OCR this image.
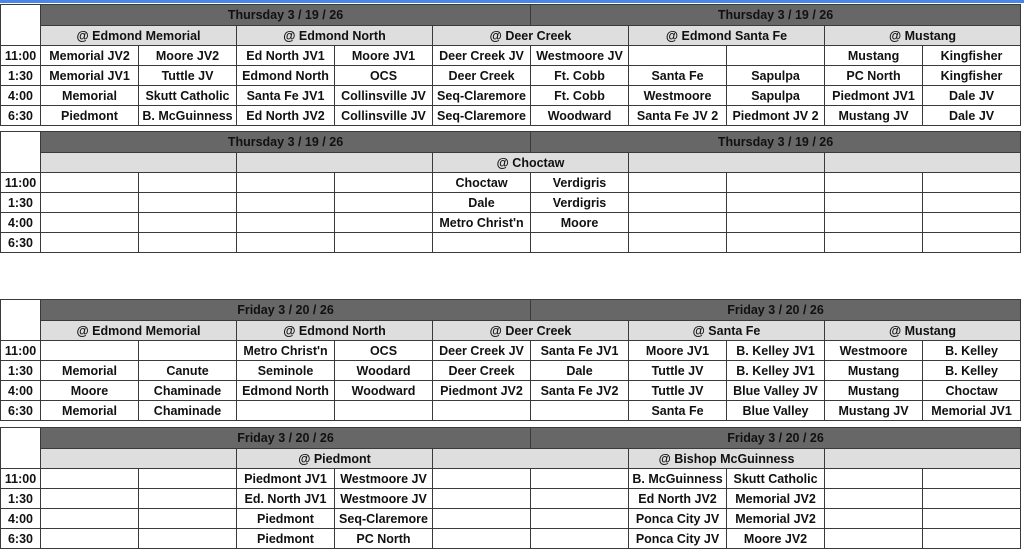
	Thursday 3 / 19 / 26					Thursday 3 / 19 / 26				
	@ Edmond Memorial		@ Edmond North		@ Deer Creek		@ Edmond Santa Fe		@ Mustang	
11:00	Memorial JV2	Moore JV2	Ed North JV1	Moore JV1	Deer Creek JV	Westmoore JV			Mustang	Kingfisher
1:30	Memorial JV1	Tuttle JV	Edmond North	OCS	Deer Creek	Ft. Cobb	Santa Fe	Sapulpa	PC North	Kingfisher
4:00	Memorial	Skutt Catholic	Santa Fe JV1	Collinsville JV	Seq-Claremore	Ft. Cobb	Westmoore	Sapulpa	Piedmont JV1	Dale JV
6:30	Piedmont	B. McGuinness	Ed North JV2	Collinsville JV	Seq-Claremore	Woodward	Santa Fe JV 2	Piedmont JV 2	Mustang JV	Dale JV
	Thursday 3 / 19 / 26					Thursday 3 / 19 / 26				
					@ Choctaw					
11:00					Choctaw	Verdigris				
1:30					Dale	Verdigris				
4:00					Metro Christ'n	Moore				
6:30										
	Friday 3 / 20 / 26					Friday 3 / 20 / 26				
	@ Edmond Memorial		@ Edmond North		@ Deer Creek		@ Santa Fe		@ Mustang	
11:00			Metro Christ'n	OCS	Deer Creek JV	Santa Fe JV1	Moore JV1	B. Kelley JV1	Westmoore	B. Kelley
1:30	Memorial	Canute	Seminole	Woodard	Deer Creek	Dale	Tuttle JV	B. Kelley JV1	Mustang	B. Kelley
4:00	Moore	Chaminade	Edmond North	Woodward	Piedmont JV2	Santa Fe JV2	Tuttle JV	Blue Valley JV	Mustang	Choctaw
6:30	Memorial	Chaminade					Santa Fe	Blue Valley	Mustang JV	Memorial JV1
	Friday 3 / 20 / 26					Friday 3 / 20 / 26				
			@ Piedmont				@ Bishop McGuinness			
11:00			Piedmont JV1	Westmoore JV			B. McGuinness	Skutt Catholic		
1:30			Ed. North JV1	Westmoore JV			Ed North JV2	Memorial JV2		
4:00			Piedmont	Seq-Claremore			Ponca City JV	Memorial JV2		
6:30			Piedmont	PC North			Ponca City JV	Moore JV2		
